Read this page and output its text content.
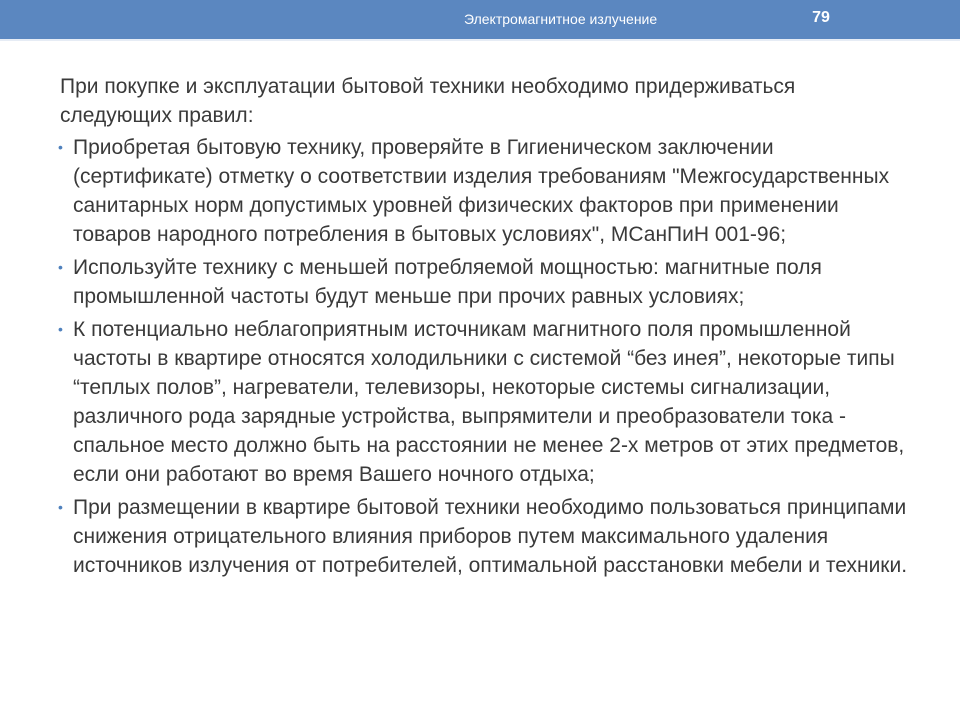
Электромагнитное излучение	79

При покупке и эксплуатации бытовой техники необходимо придерживаться следующих правил:

• Приобретая бытовую технику, проверяйте в Гигиеническом заключении (сертификате) отметку о соответствии изделия требованиям "Межгосударственных санитарных норм допустимых уровней физических факторов при применении товаров народного потребления в бытовых условиях", МСанПиН 001-96;
• Используйте технику с меньшей потребляемой мощностью: магнитные поля промышленной частоты будут меньше при прочих равных условиях;
• К потенциально неблагоприятным источникам магнитного поля промышленной частоты в квартире относятся холодильники с системой “без инея”, некоторые типы “теплых полов”, нагреватели, телевизоры, некоторые системы сигнализации, различного рода зарядные устройства, выпрямители и преобразователи тока - спальное место должно быть на расстоянии не менее 2-х метров от этих предметов, если они работают во время Вашего ночного отдыха;
• При размещении в квартире бытовой техники необходимо пользоваться принципами снижения отрицательного влияния приборов путем максимального удаления источников излучения от потребителей, оптимальной расстановки мебели и техники.
